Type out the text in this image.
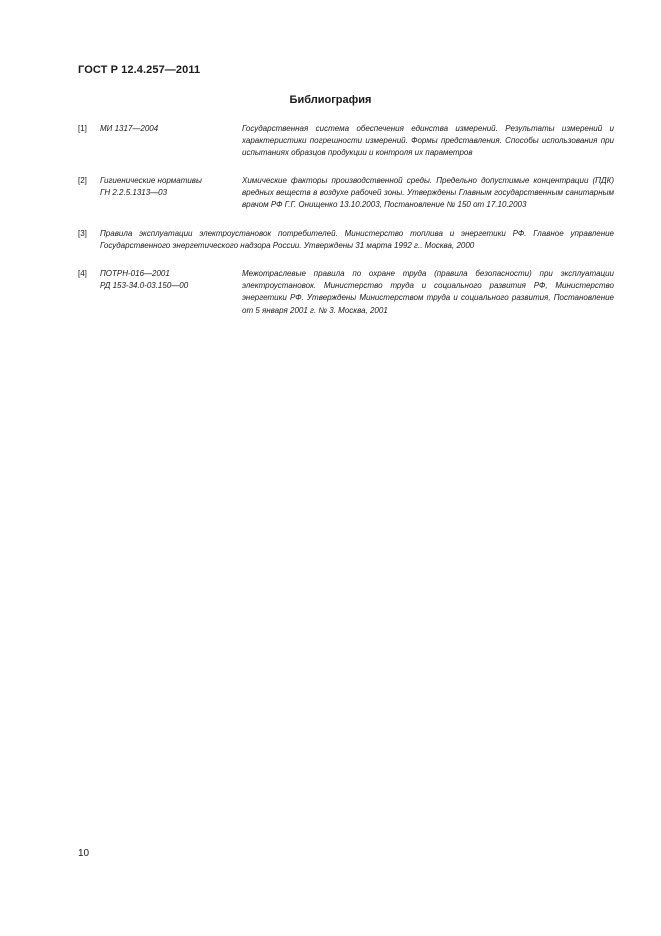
ГОСТ Р 12.4.257—2011
Библиография
[1] МИ 1317—2004	Государственная система обеспечения единства измерений. Результаты измерений и характеристики погрешности измерений. Формы представления. Способы использования при испытаниях образцов продукции и контроля их параметров
[2] Гигиенические нормативы
ГН 2.2.5.1313—03
Химические факторы производственной среды. Предельно допустимые концентрации (ПДК) вредных веществ в воздухе рабочей зоны. Утверждены Главным государственным санитарным врачом РФ Г.Г. Онищенко 13.10.2003, Постановление № 150 от 17.10.2003
[3] Правила эксплуатации электроустановок потребителей. Министерство топлива и энергетики РФ. Главное управление Государственного энергетического надзора России. Утверждены 31 марта 1992 г.. Москва, 2000
[4] ПОТРН-016—2001
РД 153-34.0-03.150—00
Межотраслевые правила по охране труда (правила безопасности) при эксплуатации электроустановок. Министерство труда и социального развития РФ, Министерство энергетики РФ. Утверждены Министерством труда и социального развития, Постановление от 5 января 2001 г. № 3. Москва, 2001
10
